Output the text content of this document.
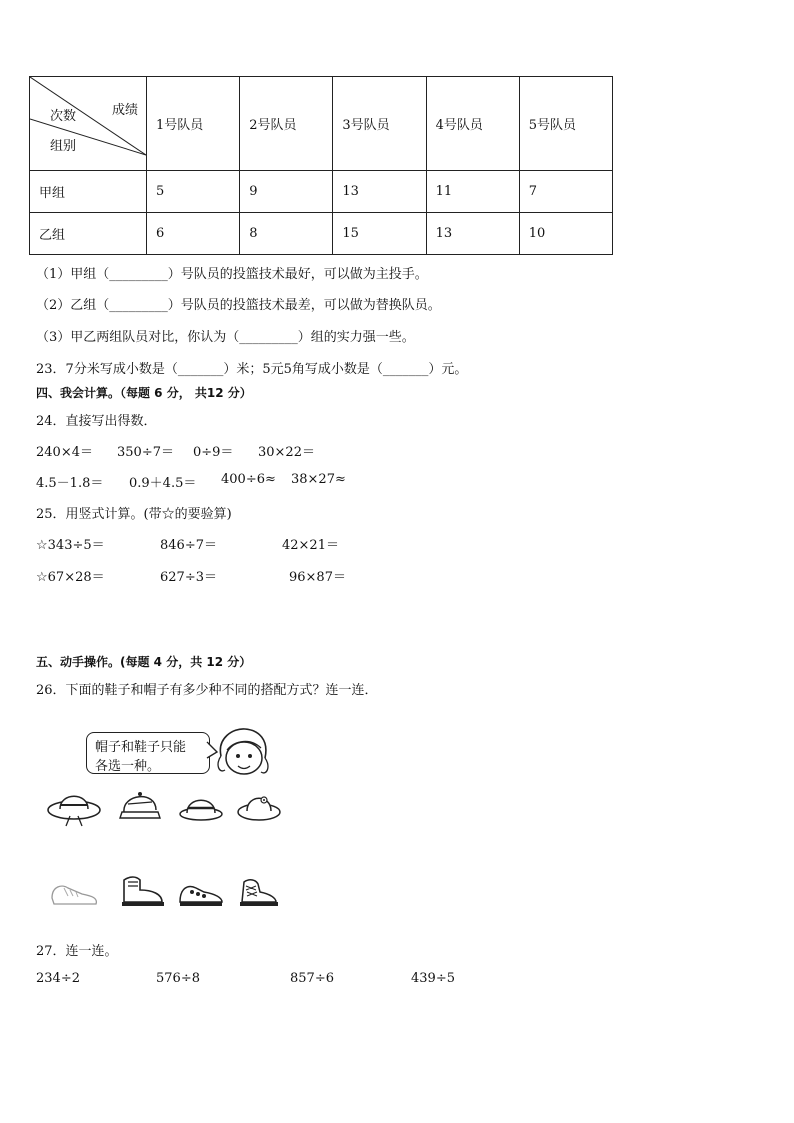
成绩
次数
组别	1号队员	2号队员	3号队员	4号队员	5号队员
甲组	5	9	13	11	7
乙组	6	8	15	13	10
（1）甲组（_________）号队员的投篮技术最好，可以做为主投手。
（2）乙组（_________）号队员的投篮技术最差，可以做为替换队员。
（3）甲乙两组队员对比，你认为（_________）组的实力强一些。
23．7分米写成小数是（_______）米；5元5角写成小数是（_______）元。
四、我会计算。（每题 6 分， 共12 分）
24．直接写出得数．
240×4＝ 350÷7＝ 0÷9＝ 30×22＝
4.5－1.8＝ 0.9＋4.5＝ 400÷6≈ 38×27≈
25．用竖式计算。(带☆的要验算)
☆343÷5＝	846÷7＝	42×21＝
☆67×28＝	627÷3＝	96×87＝
五、动手操作。(每题 4 分，共 12 分）
26．下面的鞋子和帽子有多少种不同的搭配方式？连一连．
帽子和鞋子只能
各选一种。
27．连一连。
234÷2	576÷8	857÷6	439÷5
